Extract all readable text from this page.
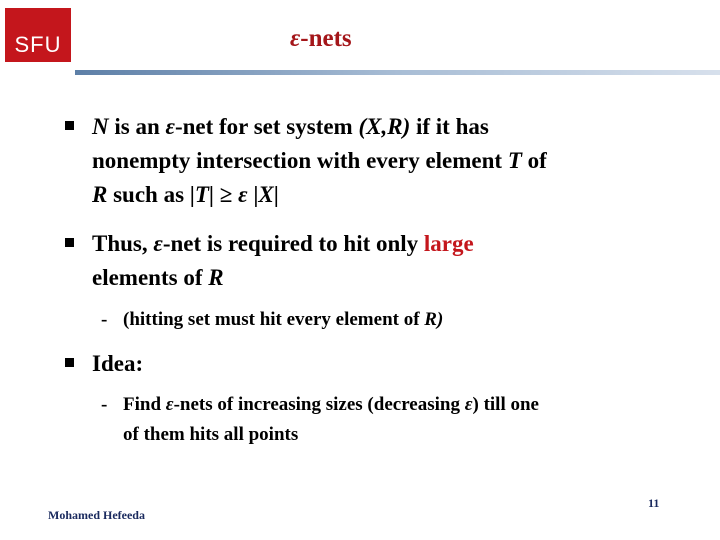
SFU	ε-nets
N is an ε-net for set system (X,R) if it has
nonempty intersection with every element T of
R such as |T| ≥ ε |X|
Thus, ε-net is required to hit only large
elements of R
- (hitting set must hit every element of R)
Idea:
- Find ε-nets of increasing sizes (decreasing ε) till one
of them hits all points
Mohamed Hefeeda
11
